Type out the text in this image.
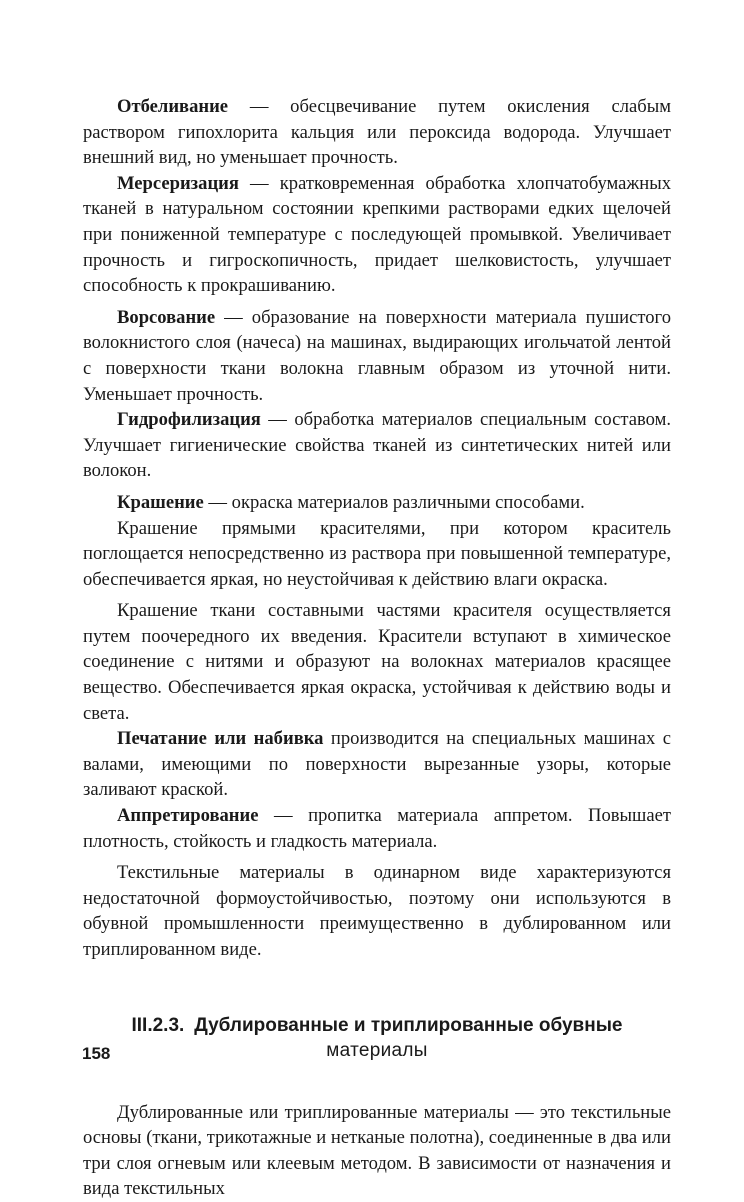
Отбеливание — обесцвечивание путем окисления слабым раствором гипохлорита кальция или пероксида водорода. Улучшает внешний вид, но уменьшает прочность.

Мерсеризация — кратковременная обработка хлопчатобумажных тканей в натуральном состоянии крепкими растворами едких щелочей при пониженной температуре с последующей промывкой. Увеличивает прочность и гигроскопичность, придает шелковистость, улучшает способность к прокрашиванию.

Ворсование — образование на поверхности материала пушистого волокнистого слоя (начеса) на машинах, выдирающих игольчатой лентой с поверхности ткани волокна главным образом из уточной нити. Уменьшает прочность.

Гидрофилизация — обработка материалов специальным составом. Улучшает гигиенические свойства тканей из синтетических нитей или волокон.

Крашение — окраска материалов различными способами.

Крашение прямыми красителями, при котором краситель поглощается непосредственно из раствора при повышенной температуре, обеспечивается яркая, но неустойчивая к действию влаги окраска.

Крашение ткани составными частями красителя осуществляется путем поочередного их введения. Красители вступают в химическое соединение с нитями и образуют на волокнах материалов красящее вещество. Обеспечивается яркая окраска, устойчивая к действию воды и света.

Печатание или набивка производится на специальных машинах с валами, имеющими по поверхности вырезанные узоры, которые заливают краской.

Аппретирование — пропитка материала аппретом. Повышает плотность, стойкость и гладкость материала.

Текстильные материалы в одинарном виде характеризуются недостаточной формоустойчивостью, поэтому они используются в обувной промышленности преимущественно в дублированном или триплированном виде.

III.2.3. Дублированные и триплированные обувные
материалы

Дублированные или триплированные материалы — это текстильные основы (ткани, трикотажные и нетканые полотна), соединенные в два или три слоя огневым или клеевым методом. В зависимости от назначения и вида текстильных

158
